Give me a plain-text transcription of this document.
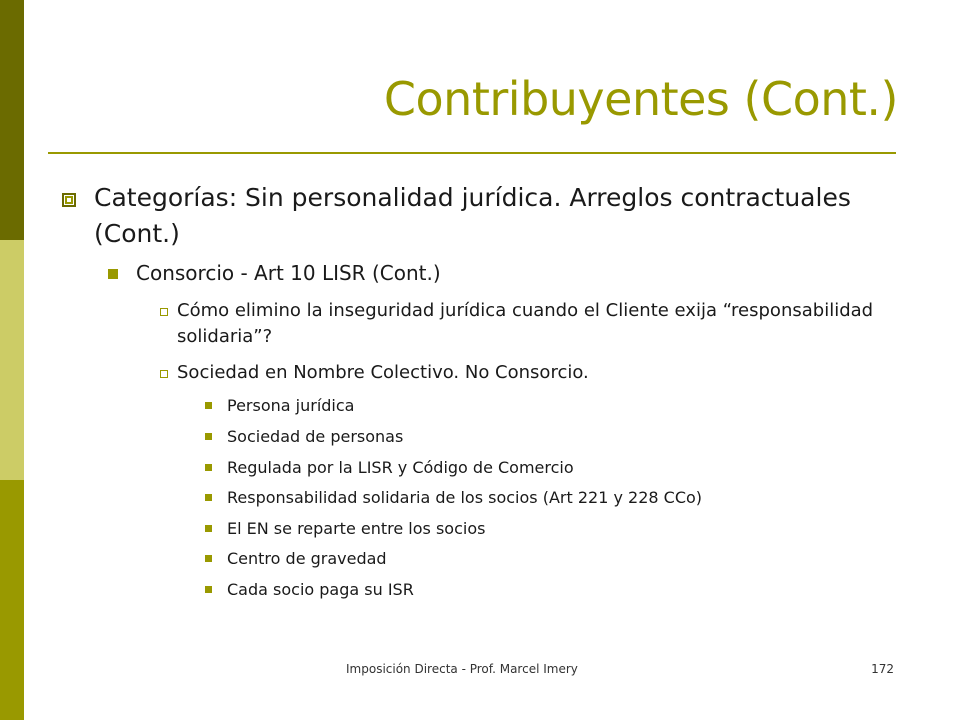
Contribuyentes (Cont.)
Categorías: Sin personalidad jurídica. Arreglos contractuales (Cont.)
Consorcio - Art 10 LISR (Cont.)
Cómo elimino la inseguridad jurídica cuando el Cliente exija “responsabilidad solidaria”?
Sociedad en Nombre Colectivo. No Consorcio.
Persona jurídica
Sociedad de personas
Regulada por la LISR y Código de Comercio
Responsabilidad solidaria de los socios (Art 221 y 228 CCo)
El EN se reparte entre los socios
Centro de gravedad
Cada socio paga su ISR
Imposición Directa - Prof. Marcel Imery	172
